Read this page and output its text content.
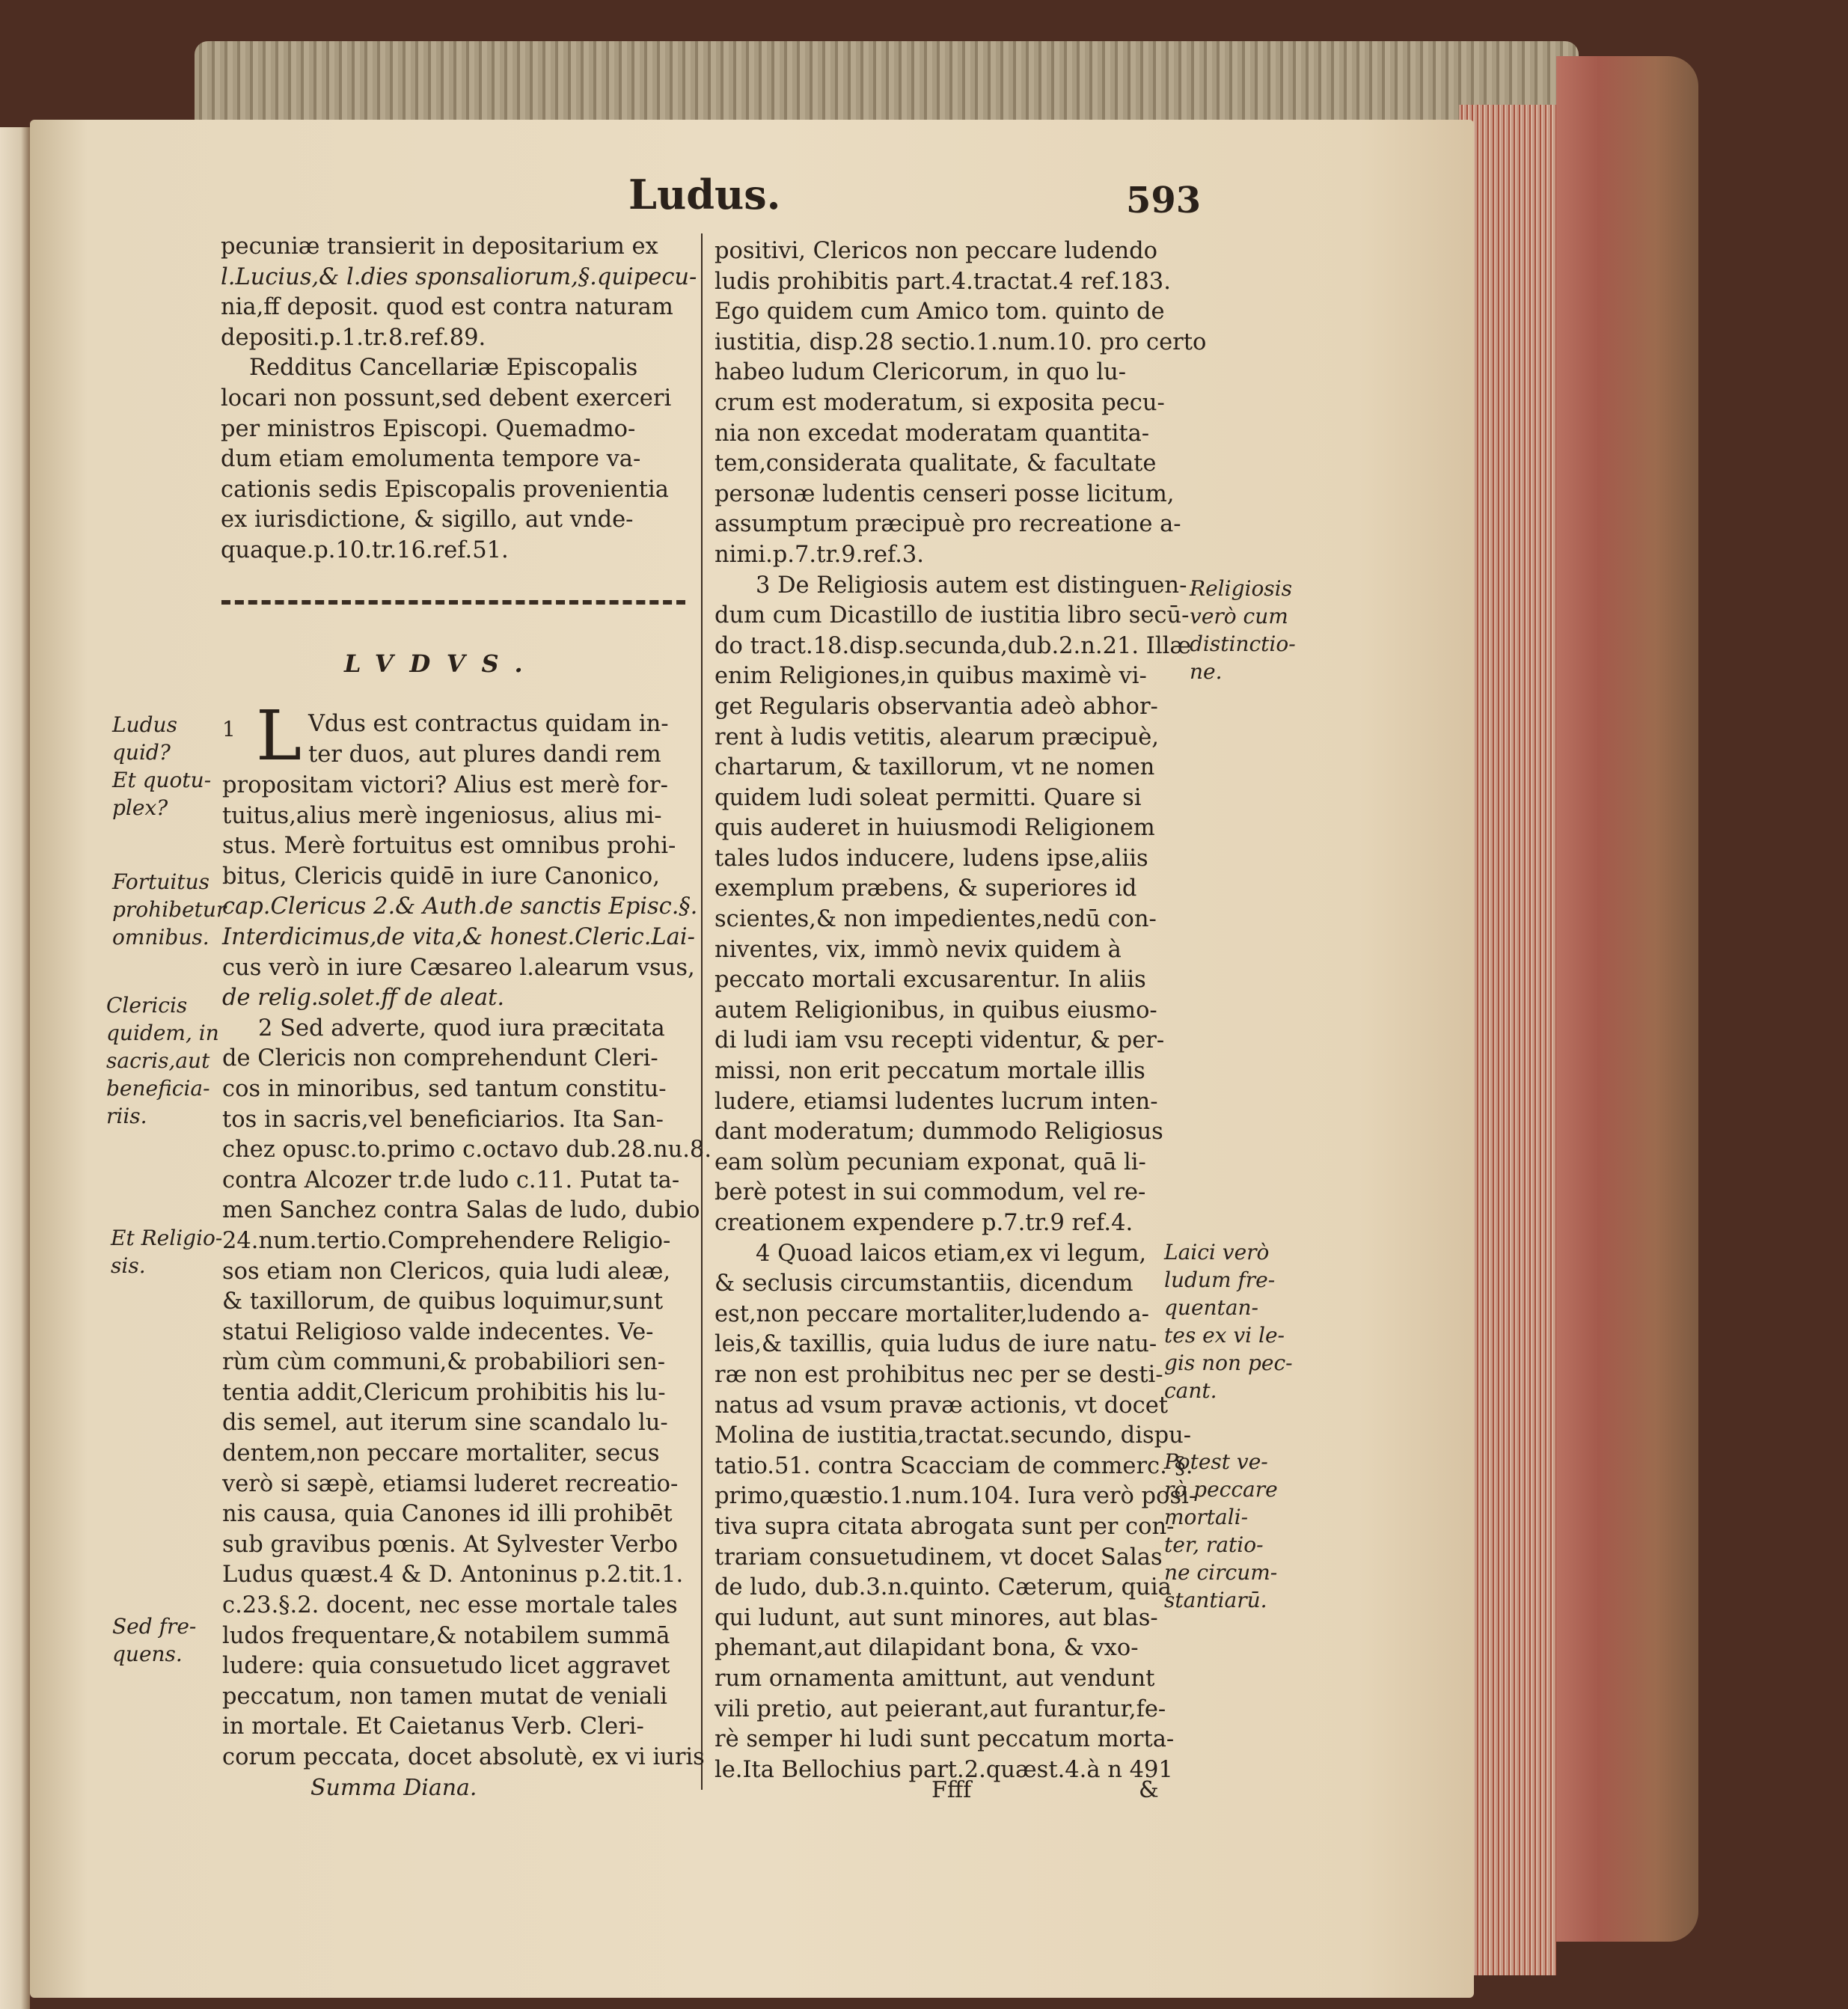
Ludus.	593

pecuniæ transierit in depositarium ex

l.Lucius,& l.dies sponsaliorum,§.quipecu-

nia,ff deposit. quod est contra naturam

depositi.p.1.tr.8.ref.89.

Redditus Cancellariæ Episcopalis

locari non possunt,sed debent exerceri

per ministros Episcopi. Quemadmo-

dum etiam emolumenta tempore va-

cationis sedis Episcopalis provenientia

ex iurisdictione, & sigillo, aut vnde-

quaque.p.10.tr.16.ref.51.

LVDVS.
1 L Vdus est contractus quidam in-

ter duos, aut plures dandi rem

propositam victori? Alius est merè for-

tuitus,alius merè ingeniosus, alius mi-

stus. Merè fortuitus est omnibus prohi-

bitus, Clericis quidē in iure Canonico,

cap.Clericus 2.& Auth.de sanctis Episc.§.

Interdicimus,de vita,& honest.Cleric.Lai-

cus verò in iure Cæsareo l.alearum vsus,

de relig.solet.ff de aleat.

2 Sed adverte, quod iura præcitata

de Clericis non comprehendunt Cleri-

cos in minoribus, sed tantum constitu-

tos in sacris,vel beneficiarios. Ita San-

chez opusc.to.primo c.octavo dub.28.nu.8.

contra Alcozer tr.de ludo c.11. Putat ta-

men Sanchez contra Salas de ludo, dubio

24.num.tertio.Comprehendere Religio-

sos etiam non Clericos, quia ludi aleæ,

& taxillorum, de quibus loquimur,sunt

statui Religioso valde indecentes. Ve-

rùm cùm communi,& probabiliori sen-

tentia addit,Clericum prohibitis his lu-

dis semel, aut iterum sine scandalo lu-

dentem,non peccare mortaliter, secus

verò si sæpè, etiamsi luderet recreatio-

nis causa, quia Canones id illi prohibēt

sub gravibus pœnis. At Sylvester Verbo

Ludus quæst.4 & D. Antoninus p.2.tit.1.

c.23.§.2. docent, nec esse mortale tales

ludos frequentare,& notabilem summā

ludere: quia consuetudo licet aggravet

peccatum, non tamen mutat de veniali

in mortale. Et Caietanus Verb. Cleri-

corum peccata, docet absolutè, ex vi iuris

Summa Diana.

positivi, Clericos non peccare ludendo

ludis prohibitis part.4.tractat.4 ref.183.

Ego quidem cum Amico tom. quinto de

iustitia, disp.28 sectio.1.num.10. pro certo

habeo ludum Clericorum, in quo lu-

crum est moderatum, si exposita pecu-

nia non excedat moderatam quantita-

tem,considerata qualitate, & facultate

personæ ludentis censeri posse licitum,

assumptum præcipuè pro recreatione a-

nimi.p.7.tr.9.ref.3.

3 De Religiosis autem est distinguen-

dum cum Dicastillo de iustitia libro secū-

do tract.18.disp.secunda,dub.2.n.21. Illæ

enim Religiones,in quibus maximè vi-

get Regularis observantia adeò abhor-

rent à ludis vetitis, alearum præcipuè,

chartarum, & taxillorum, vt ne nomen

quidem ludi soleat permitti. Quare si

quis auderet in huiusmodi Religionem

tales ludos inducere, ludens ipse,aliis

exemplum præbens, & superiores id

scientes,& non impedientes,nedū con-

niventes, vix, immò nevix quidem à

peccato mortali excusarentur. In aliis

autem Religionibus, in quibus eiusmo-

di ludi iam vsu recepti videntur, & per-

missi, non erit peccatum mortale illis

ludere, etiamsi ludentes lucrum inten-

dant moderatum; dummodo Religiosus

eam solùm pecuniam exponat, quā li-

berè potest in sui commodum, vel re-

creationem expendere p.7.tr.9 ref.4.

4 Quoad laicos etiam,ex vi legum,

& seclusis circumstantiis, dicendum

est,non peccare mortaliter,ludendo a-

leis,& taxillis, quia ludus de iure natu-

ræ non est prohibitus nec per se desti-

natus ad vsum pravæ actionis, vt docet

Molina de iustitia,tractat.secundo, dispu-

tatio.51. contra Scacciam de commerc. §.

primo,quæstio.1.num.104. Iura verò posi-

tiva supra citata abrogata sunt per con-

trariam consuetudinem, vt docet Salas

de ludo, dub.3.n.quinto. Cæterum, quia

qui ludunt, aut sunt minores, aut blas-

phemant,aut dilapidant bona, & vxo-

rum ornamenta amittunt, aut vendunt

vili pretio, aut peierant,aut furantur,fe-

rè semper hi ludi sunt peccatum morta-

le.Ita Bellochius part.2.quæst.4.à n 491

Ffff	&

Ludus

quid?

Et quotu-

plex?

Fortuitus

prohibetur

omnibus.

Clericis

quidem, in

sacris,aut

beneficia-

riis.

Et Religio-

sis.

Sed fre-

quens.

Religiosis

verò cum

distinctio-

ne.

Laici verò

ludum fre-

quentan-

tes ex vi le-

gis non pec-

cant.

Potest ve-

rò peccare

mortali-

ter, ratio-

ne circum-

stantiarū.
